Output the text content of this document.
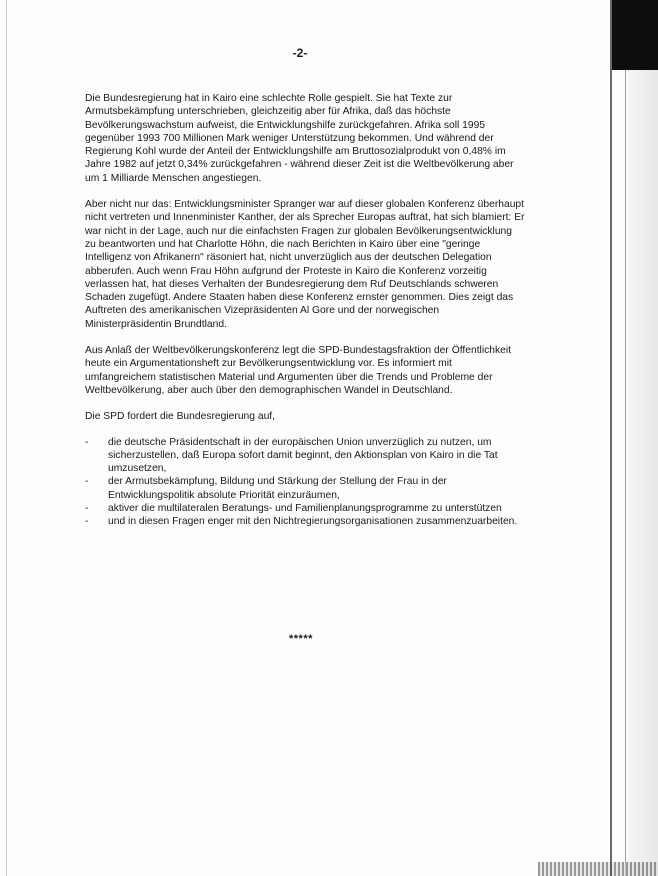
-2-

Die Bundesregierung hat in Kairo eine schlechte Rolle gespielt. Sie hat Texte zur Armutsbekämpfung unterschrieben, gleichzeitig aber für Afrika, daß das höchste Bevölkerungswachstum aufweist, die Entwicklungshilfe zurückgefahren. Afrika soll 1995 gegenüber 1993 700 Millionen Mark weniger Unterstützung bekommen. Und während der Regierung Kohl wurde der Anteil der Entwicklungshilfe am Bruttosozialprodukt von 0,48% im Jahre 1982 auf jetzt 0,34% zurückgefahren - während dieser Zeit ist die Weltbevölkerung aber um 1 Milliarde Menschen angestiegen.

Aber nicht nur das: Entwicklungsminister Spranger war auf dieser globalen Konferenz überhaupt nicht vertreten und Innenminister Kanther, der als Sprecher Europas auftrat, hat sich blamiert: Er war nicht in der Lage, auch nur die einfachsten Fragen zur globalen Bevölkerungsentwicklung zu beantworten und hat Charlotte Höhn, die nach Berichten in Kairo über eine "geringe Intelligenz von Afrikanern" räsoniert hat, nicht unverzüglich aus der deutschen Delegation abberufen. Auch wenn Frau Höhn aufgrund der Proteste in Kairo die Konferenz vorzeitig verlassen hat, hat dieses Verhalten der Bundesregierung dem Ruf Deutschlands schweren Schaden zugefügt. Andere Staaten haben diese Konferenz ernster genommen. Dies zeigt das Auftreten des amerikanischen Vizepräsidenten Al Gore und der norwegischen Ministerpräsidentin Brundtland.

Aus Anlaß der Weltbevölkerungskonferenz legt die SPD-Bundestagsfraktion der Öffentlichkeit heute ein Argumentationsheft zur Bevölkerungsentwicklung vor. Es informiert mit umfangreichem statistischen Material und Argumenten über die Trends und Probleme der Weltbevölkerung, aber auch über den demographischen Wandel in Deutschland.

Die SPD fordert die Bundesregierung auf,

- die deutsche Präsidentschaft in der europäischen Union unverzüglich zu nutzen, um sicherzustellen, daß Europa sofort damit beginnt, den Aktionsplan von Kairo in die Tat umzusetzen,
- der Armutsbekämpfung, Bildung und Stärkung der Stellung der Frau in der Entwicklungspolitik absolute Priorität einzuräumen,
- aktiver die multilateralen Beratungs- und Familienplanungsprogramme zu unterstützen
- und in diesen Fragen enger mit den Nichtregierungsorganisationen zusammenzuarbeiten.
*****
